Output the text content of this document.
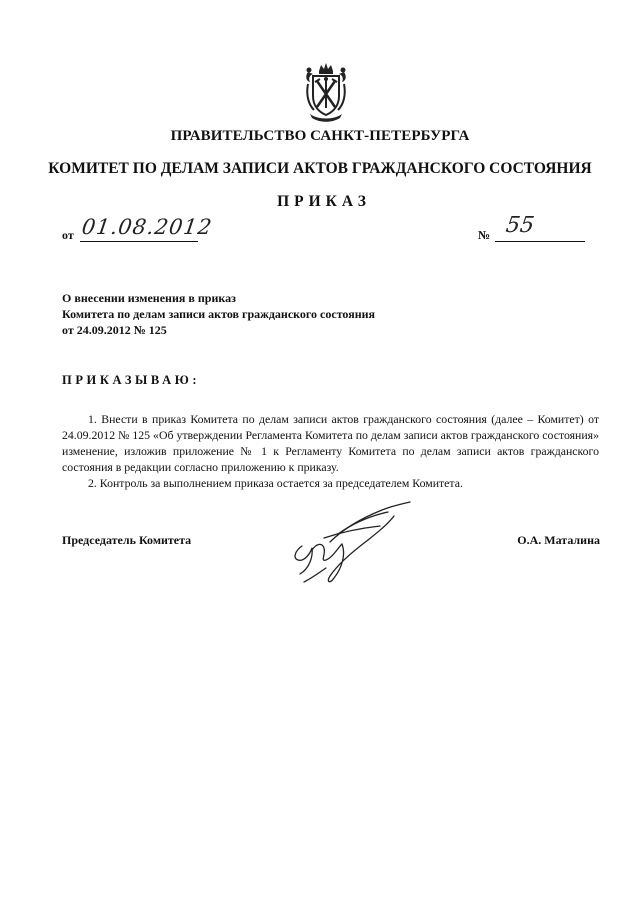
ПРАВИТЕЛЬСТВО САНКТ-ПЕТЕРБУРГА
КОМИТЕТ ПО ДЕЛАМ ЗАПИСИ АКТОВ ГРАЖДАНСКОГО СОСТОЯНИЯ
ПРИКАЗ
от 01.08.2012	№ 55
О внесении изменения в приказ
Комитета по делам записи актов гражданского состояния
от 24.09.2012 № 125
ПРИКАЗЫВАЮ:

1. Внести в приказ Комитета по делам записи актов гражданского состояния (далее – Комитет) от 24.09.2012 № 125 «Об утверждении Регламента Комитета по делам записи актов гражданского состояния» изменение, изложив приложение № 1 к Регламенту Комитета по делам записи актов гражданского состояния в редакции согласно приложению к приказу.

2. Контроль за выполнением приказа остается за председателем Комитета.

Председатель Комитета	О.А. Маталина
